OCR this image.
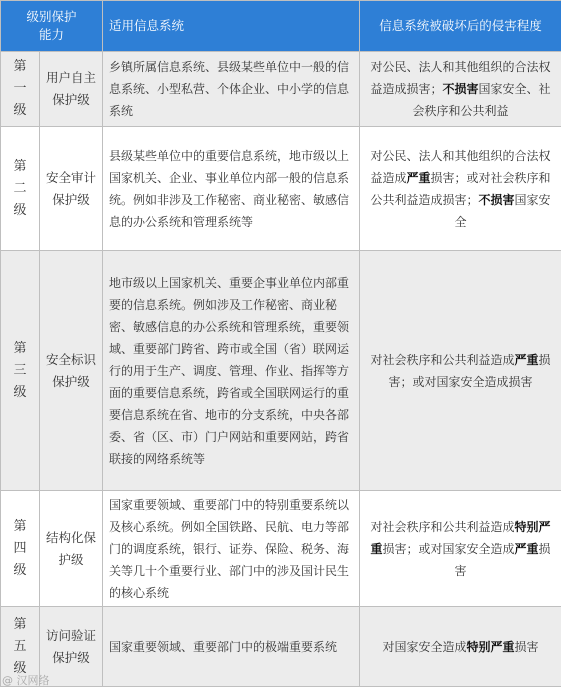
级别保护能力		适用信息系统	信息系统被破坏后的侵害程度
第一级	用户自主保护级	乡镇所属信息系统、县级某些单位中一般的信息系统、小型私营、个体企业、中小学的信息系统	对公民、法人和其他组织的合法权益造成损害；不损害国家安全、社会秩序和公共利益
第二级	安全审计保护级	县级某些单位中的重要信息系统，地市级以上国家机关、企业、事业单位内部一般的信息系统。例如非涉及工作秘密、商业秘密、敏感信息的办公系统和管理系统等	对公民、法人和其他组织的合法权益造成严重损害；或对社会秩序和公共利益造成损害；不损害国家安全
第三级	安全标识保护级	地市级以上国家机关、重要企事业单位内部重要的信息系统。例如涉及工作秘密、商业秘密、敏感信息的办公系统和管理系统，重要领域、重要部门跨省、跨市或全国（省）联网运行的用于生产、调度、管理、作业、指挥等方面的重要信息系统，跨省或全国联网运行的重要信息系统在省、地市的分支系统，中央各部委、省（区、市）门户网站和重要网站，跨省联接的网络系统等	对社会秩序和公共利益造成严重损害；或对国家安全造成损害
第四级	结构化保护级	国家重要领域、重要部门中的特别重要系统以及核心系统。例如全国铁路、民航、电力等部门的调度系统，银行、证券、保险、税务、海关等几十个重要行业、部门中的涉及国计民生的核心系统	对社会秩序和公共利益造成特别严重损害；或对国家安全造成严重损害
第五级	访问验证保护级	国家重要领域、重要部门中的极端重要系统	对国家安全造成特别严重损害
@ 汉网络
